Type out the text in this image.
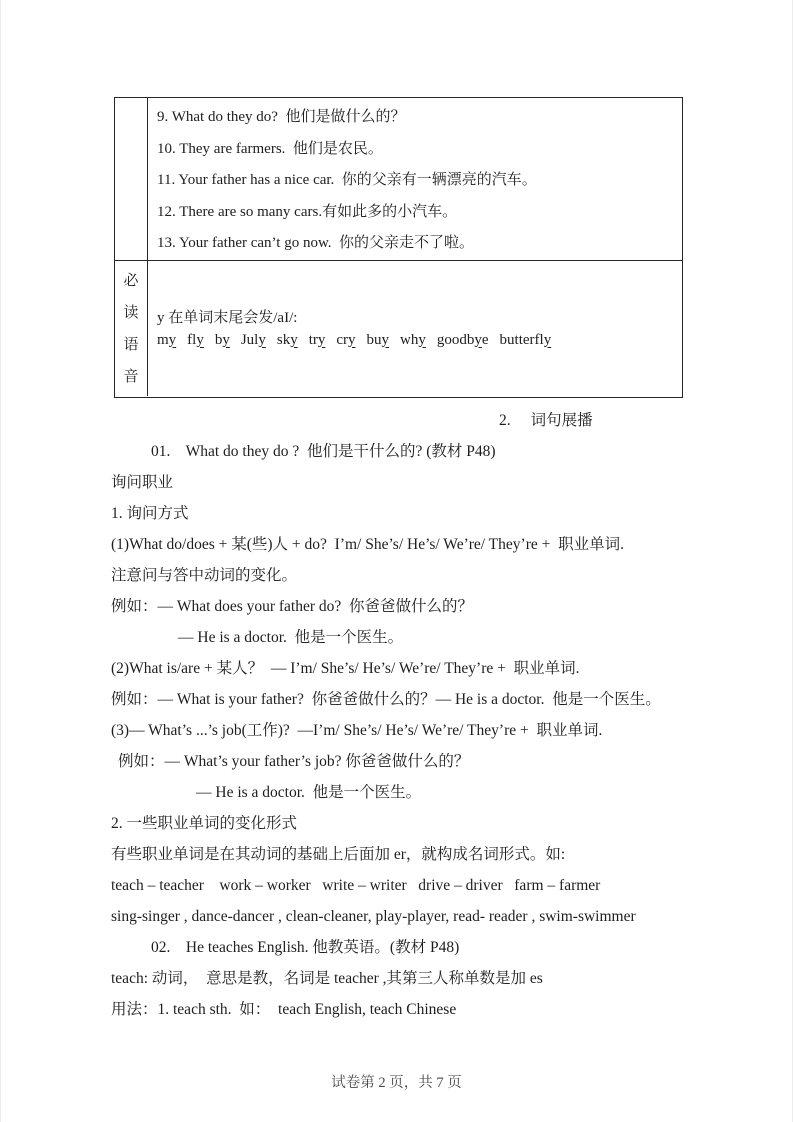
9. What do they do?  他们是做什么的？

10. They are farmers.  他们是农民。

11. Your father has a nice car.  你的父亲有一辆漂亮的汽车。

12. There are so many cars.有如此多的小汽车。

13. Your father can’t go now.  你的父亲走不了啦。

必
读
语
音
y 在单词末尾会发/aI/: my fly by July sky try cry buy why goodbye butterfly

2. 词句展播

01.    What do they do ?  他们是干什么的? (教材 P48)

询问职业

1. 询问方式

(1)What do/does + 某(些)人 + do?  I’m/ She’s/ He’s/ We’re/ They’re +  职业单词.

注意问与答中动词的变化。

例如：— What does your father do?  你爸爸做什么的？

— He is a doctor.  他是一个医生。

(2)What is/are + 某人？  — I’m/ She’s/ He’s/ We’re/ They’re +  职业单词.

例如：— What is your father?  你爸爸做什么的？— He is a doctor.  他是一个医生。

(3)— What’s ...’s job(工作)?  —I’m/ She’s/ He’s/ We’re/ They’re +  职业单词.

例如：— What’s your father’s job? 你爸爸做什么的？

— He is a doctor.  他是一个医生。

2. 一些职业单词的变化形式

有些职业单词是在其动词的基础上后面加 er，就构成名词形式。如:

teach – teacher    work – worker   write – writer   drive – driver   farm – farmer

sing-singer , dance-dancer , clean-cleaner, play-player, read- reader , swim-swimmer

02.    He teaches English. 他教英语。(教材 P48)

teach: 动词，  意思是教，名词是 teacher ,其第三人称单数是加 es

用法：1. teach sth.  如：  teach English, teach Chinese

试卷第 2 页，共 7 页
